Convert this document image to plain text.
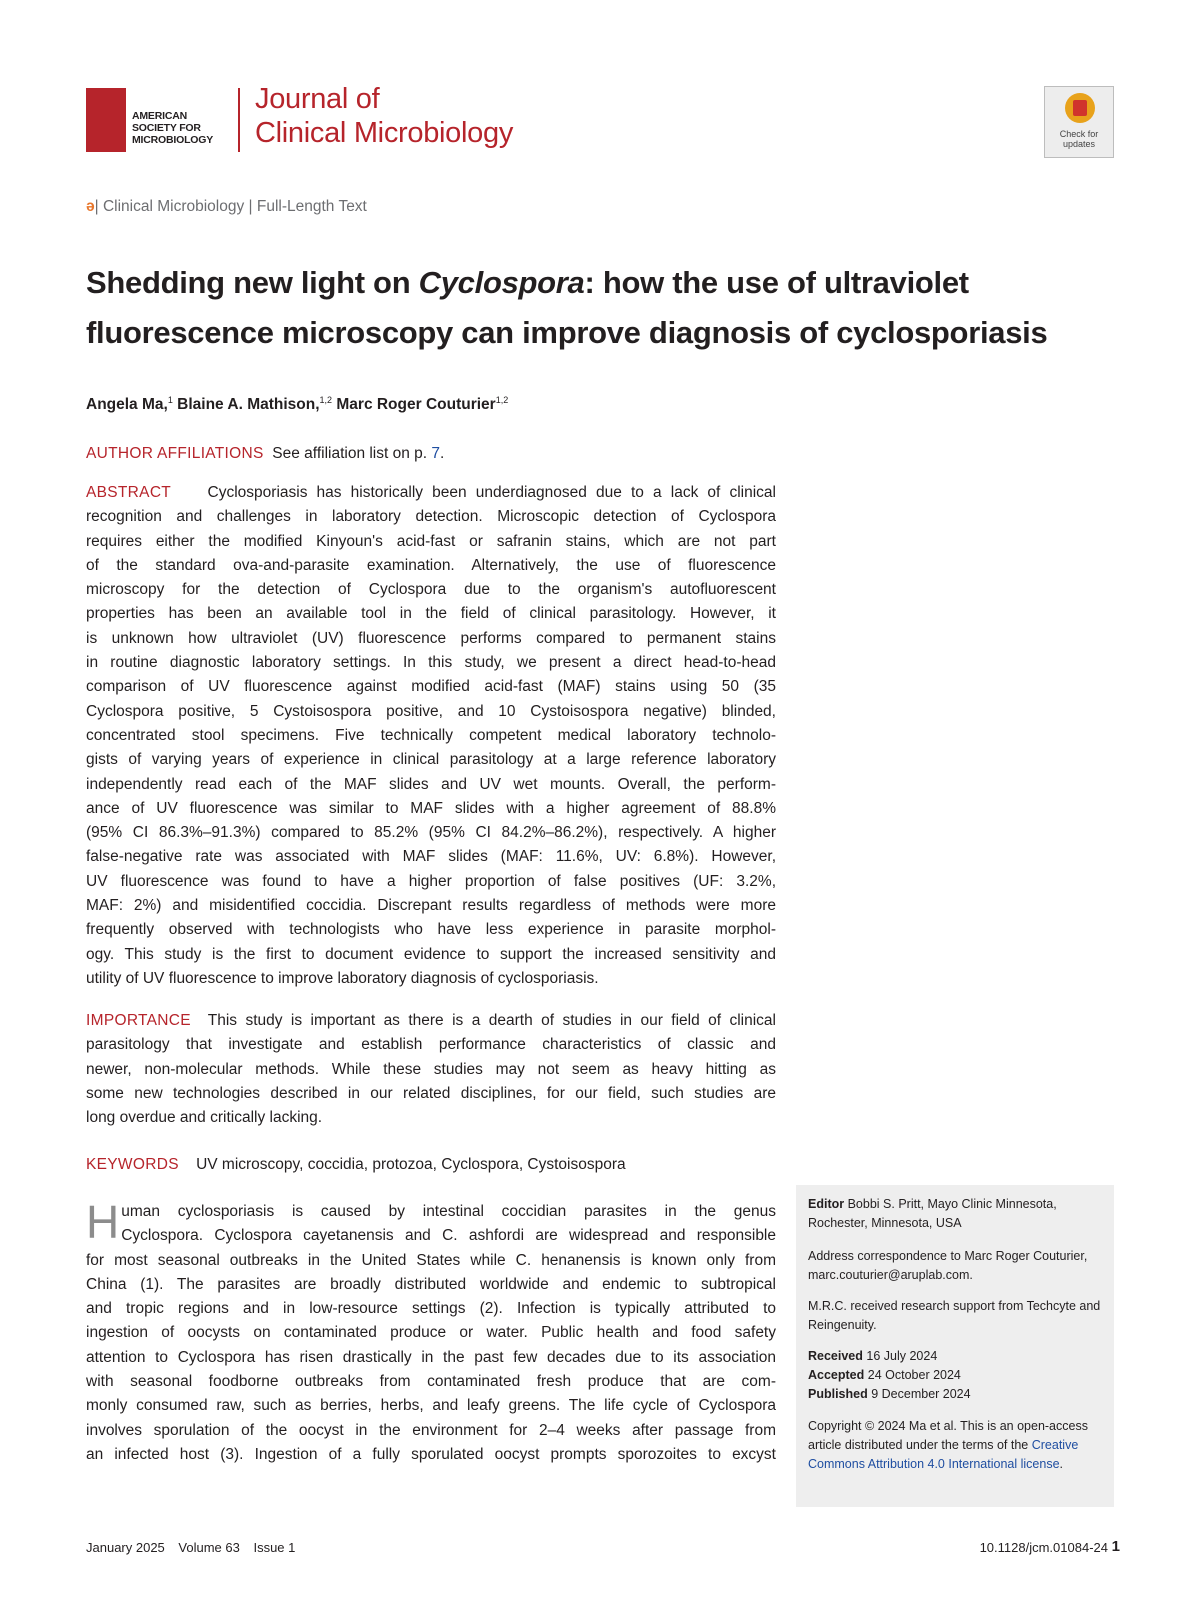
AMERICAN
SOCIETY FOR
MICROBIOLOGY
Journal of
Clinical Microbiology	Check for
updates
ə| Clinical Microbiology | Full-Length Text
Shedding new light on Cyclospora: how the use of ultraviolet
fluorescence microscopy can improve diagnosis of cyclosporiasis
Angela Ma,$^1$ Blaine A. Mathison,$^{1,2}$ Marc Roger Couturier$^{1,2}$
AUTHOR AFFILIATIONS See affiliation list on p. 7.
ABSTRACT Cyclosporiasis has historically been underdiagnosed due to a lack of clinical
recognition and challenges in laboratory detection. Microscopic detection of Cyclospora
requires either the modified Kinyoun's acid-fast or safranin stains, which are not part
of the standard ova-and-parasite examination. Alternatively, the use of fluorescence
microscopy for the detection of Cyclospora due to the organism's autofluorescent
properties has been an available tool in the field of clinical parasitology. However, it
is unknown how ultraviolet (UV) fluorescence performs compared to permanent stains
in routine diagnostic laboratory settings. In this study, we present a direct head-to-head
comparison of UV fluorescence against modified acid-fast (MAF) stains using 50 (35
Cyclospora positive, 5 Cystoisospora positive, and 10 Cystoisospora negative) blinded,
concentrated stool specimens. Five technically competent medical laboratory technolo-
gists of varying years of experience in clinical parasitology at a large reference laboratory
independently read each of the MAF slides and UV wet mounts. Overall, the perform-
ance of UV fluorescence was similar to MAF slides with a higher agreement of 88.8%
(95% CI 86.3%–91.3%) compared to 85.2% (95% CI 84.2%–86.2%), respectively. A higher
false-negative rate was associated with MAF slides (MAF: 11.6%, UV: 6.8%). However,
UV fluorescence was found to have a higher proportion of false positives (UF: 3.2%,
MAF: 2%) and misidentified coccidia. Discrepant results regardless of methods were more
frequently observed with technologists who have less experience in parasite morphol-
ogy. This study is the first to document evidence to support the increased sensitivity and
utility of UV fluorescence to improve laboratory diagnosis of cyclosporiasis.
IMPORTANCE This study is important as there is a dearth of studies in our field of clinical
parasitology that investigate and establish performance characteristics of classic and
newer, non-molecular methods. While these studies may not seem as heavy hitting as
some new technologies described in our related disciplines, for our field, such studies are
long overdue and critically lacking.
KEYWORDS UV microscopy, coccidia, protozoa, Cyclospora, Cystoisospora
H uman cyclosporiasis is caused by intestinal coccidian parasites in the genus
Cyclospora. Cyclospora cayetanensis and C. ashfordi are widespread and responsible
for most seasonal outbreaks in the United States while C. henanensis is known only from
China (1). The parasites are broadly distributed worldwide and endemic to subtropical
and tropic regions and in low-resource settings (2). Infection is typically attributed to
ingestion of oocysts on contaminated produce or water. Public health and food safety
attention to Cyclospora has risen drastically in the past few decades due to its association
with seasonal foodborne outbreaks from contaminated fresh produce that are com-
monly consumed raw, such as berries, herbs, and leafy greens. The life cycle of Cyclospora
involves sporulation of the oocyst in the environment for 2–4 weeks after passage from
an infected host (3). Ingestion of a fully sporulated oocyst prompts sporozoites to excyst
Editor Bobbi S. Pritt, Mayo Clinic Minnesota, Rochester, Minnesota, USA
Address correspondence to Marc Roger Couturier, marc.couturier@aruplab.com.
M.R.C. received research support from Techcyte and Reingenuity.
Received 16 July 2024
Accepted 24 October 2024
Published 9 December 2024
Copyright © 2024 Ma et al. This is an open-access article distributed under the terms of the Creative Commons Attribution 4.0 International license.
January 2025 Volume 63 Issue 1	10.1128/jcm.01084-24 1
